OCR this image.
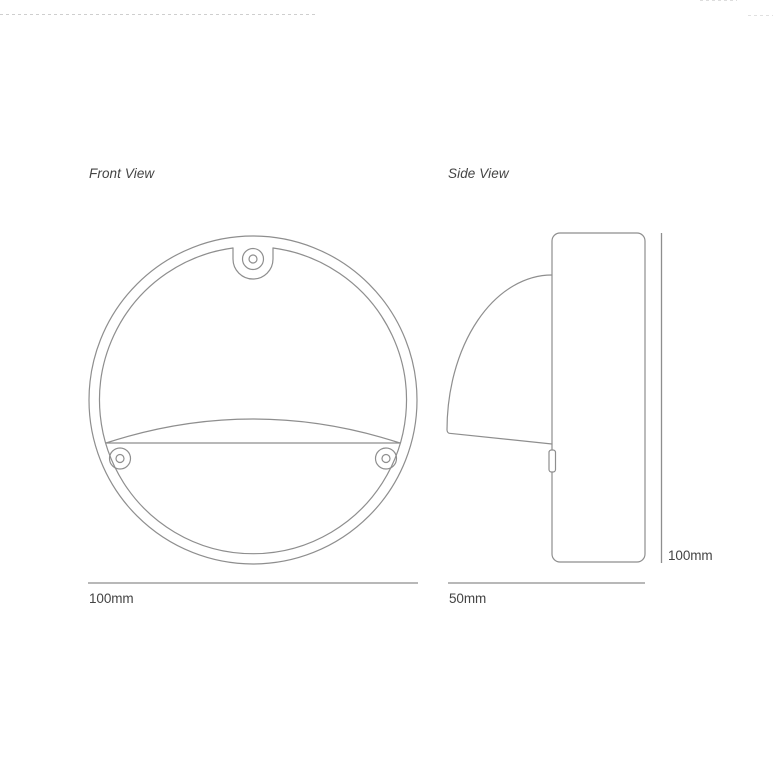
Front View	Side View
100mm	50mm
100mm
